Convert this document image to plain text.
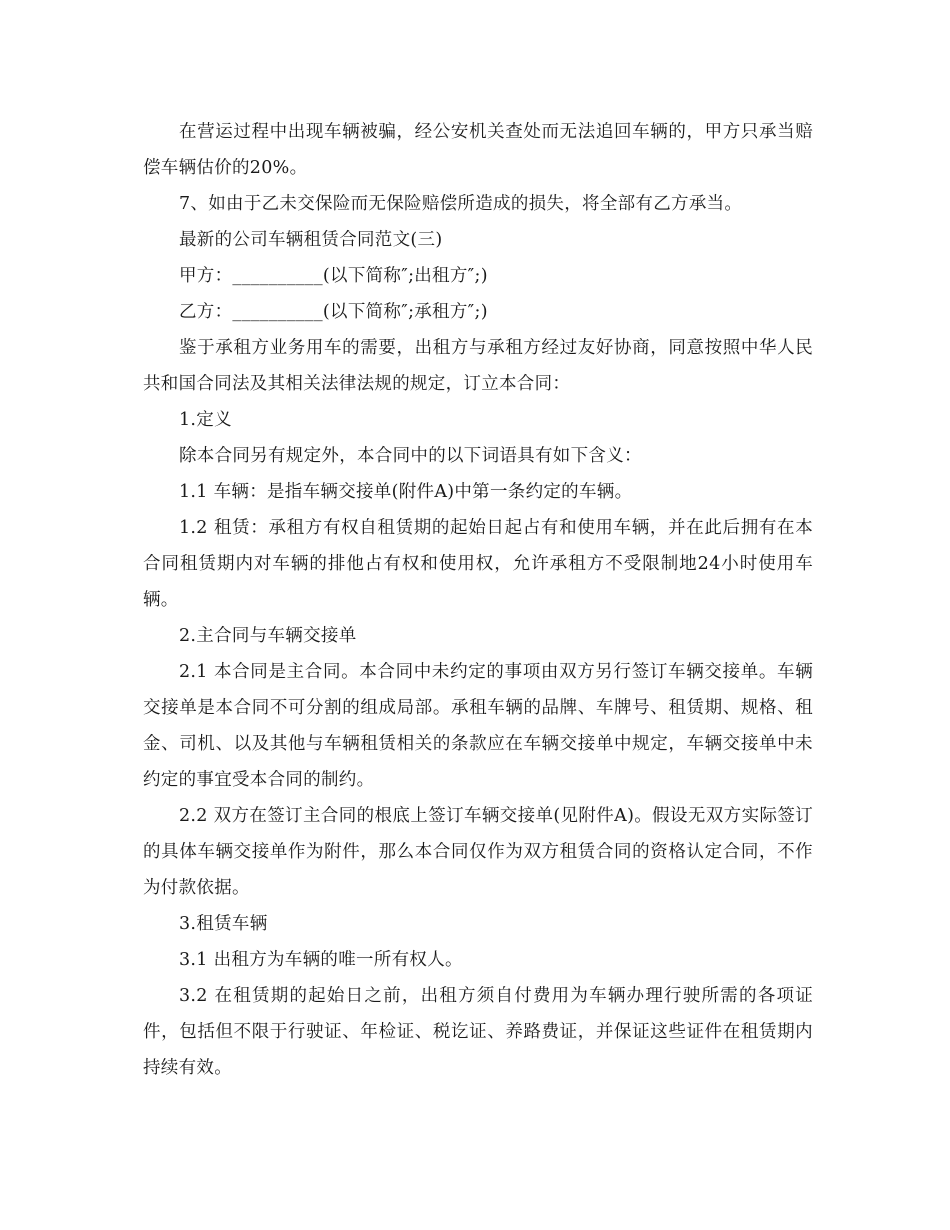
在营运过程中出现车辆被骗，经公安机关查处而无法追回车辆的，甲方只承当赔偿车辆估价的20%。

7、如由于乙未交保险而无保险赔偿所造成的损失，将全部有乙方承当。

最新的公司车辆租赁合同范文(三)

甲方：__________(以下简称″;出租方″;)

乙方：__________(以下简称″;承租方″;)

鉴于承租方业务用车的需要，出租方与承租方经过友好协商，同意按照中华人民共和国合同法及其相关法律法规的规定，订立本合同：

1.定义

除本合同另有规定外，本合同中的以下词语具有如下含义：

1.1 车辆：是指车辆交接单(附件A)中第一条约定的车辆。

1.2 租赁：承租方有权自租赁期的起始日起占有和使用车辆，并在此后拥有在本合同租赁期内对车辆的排他占有权和使用权，允许承租方不受限制地24小时使用车辆。

2.主合同与车辆交接单

2.1 本合同是主合同。本合同中未约定的事项由双方另行签订车辆交接单。车辆交接单是本合同不可分割的组成局部。承租车辆的品牌、车牌号、租赁期、规格、租金、司机、以及其他与车辆租赁相关的条款应在车辆交接单中规定，车辆交接单中未约定的事宜受本合同的制约。

2.2 双方在签订主合同的根底上签订车辆交接单(见附件A)。假设无双方实际签订的具体车辆交接单作为附件，那么本合同仅作为双方租赁合同的资格认定合同，不作为付款依据。

3.租赁车辆

3.1 出租方为车辆的唯一所有权人。

3.2 在租赁期的起始日之前，出租方须自付费用为车辆办理行驶所需的各项证件，包括但不限于行驶证、年检证、税讫证、养路费证，并保证这些证件在租赁期内持续有效。
